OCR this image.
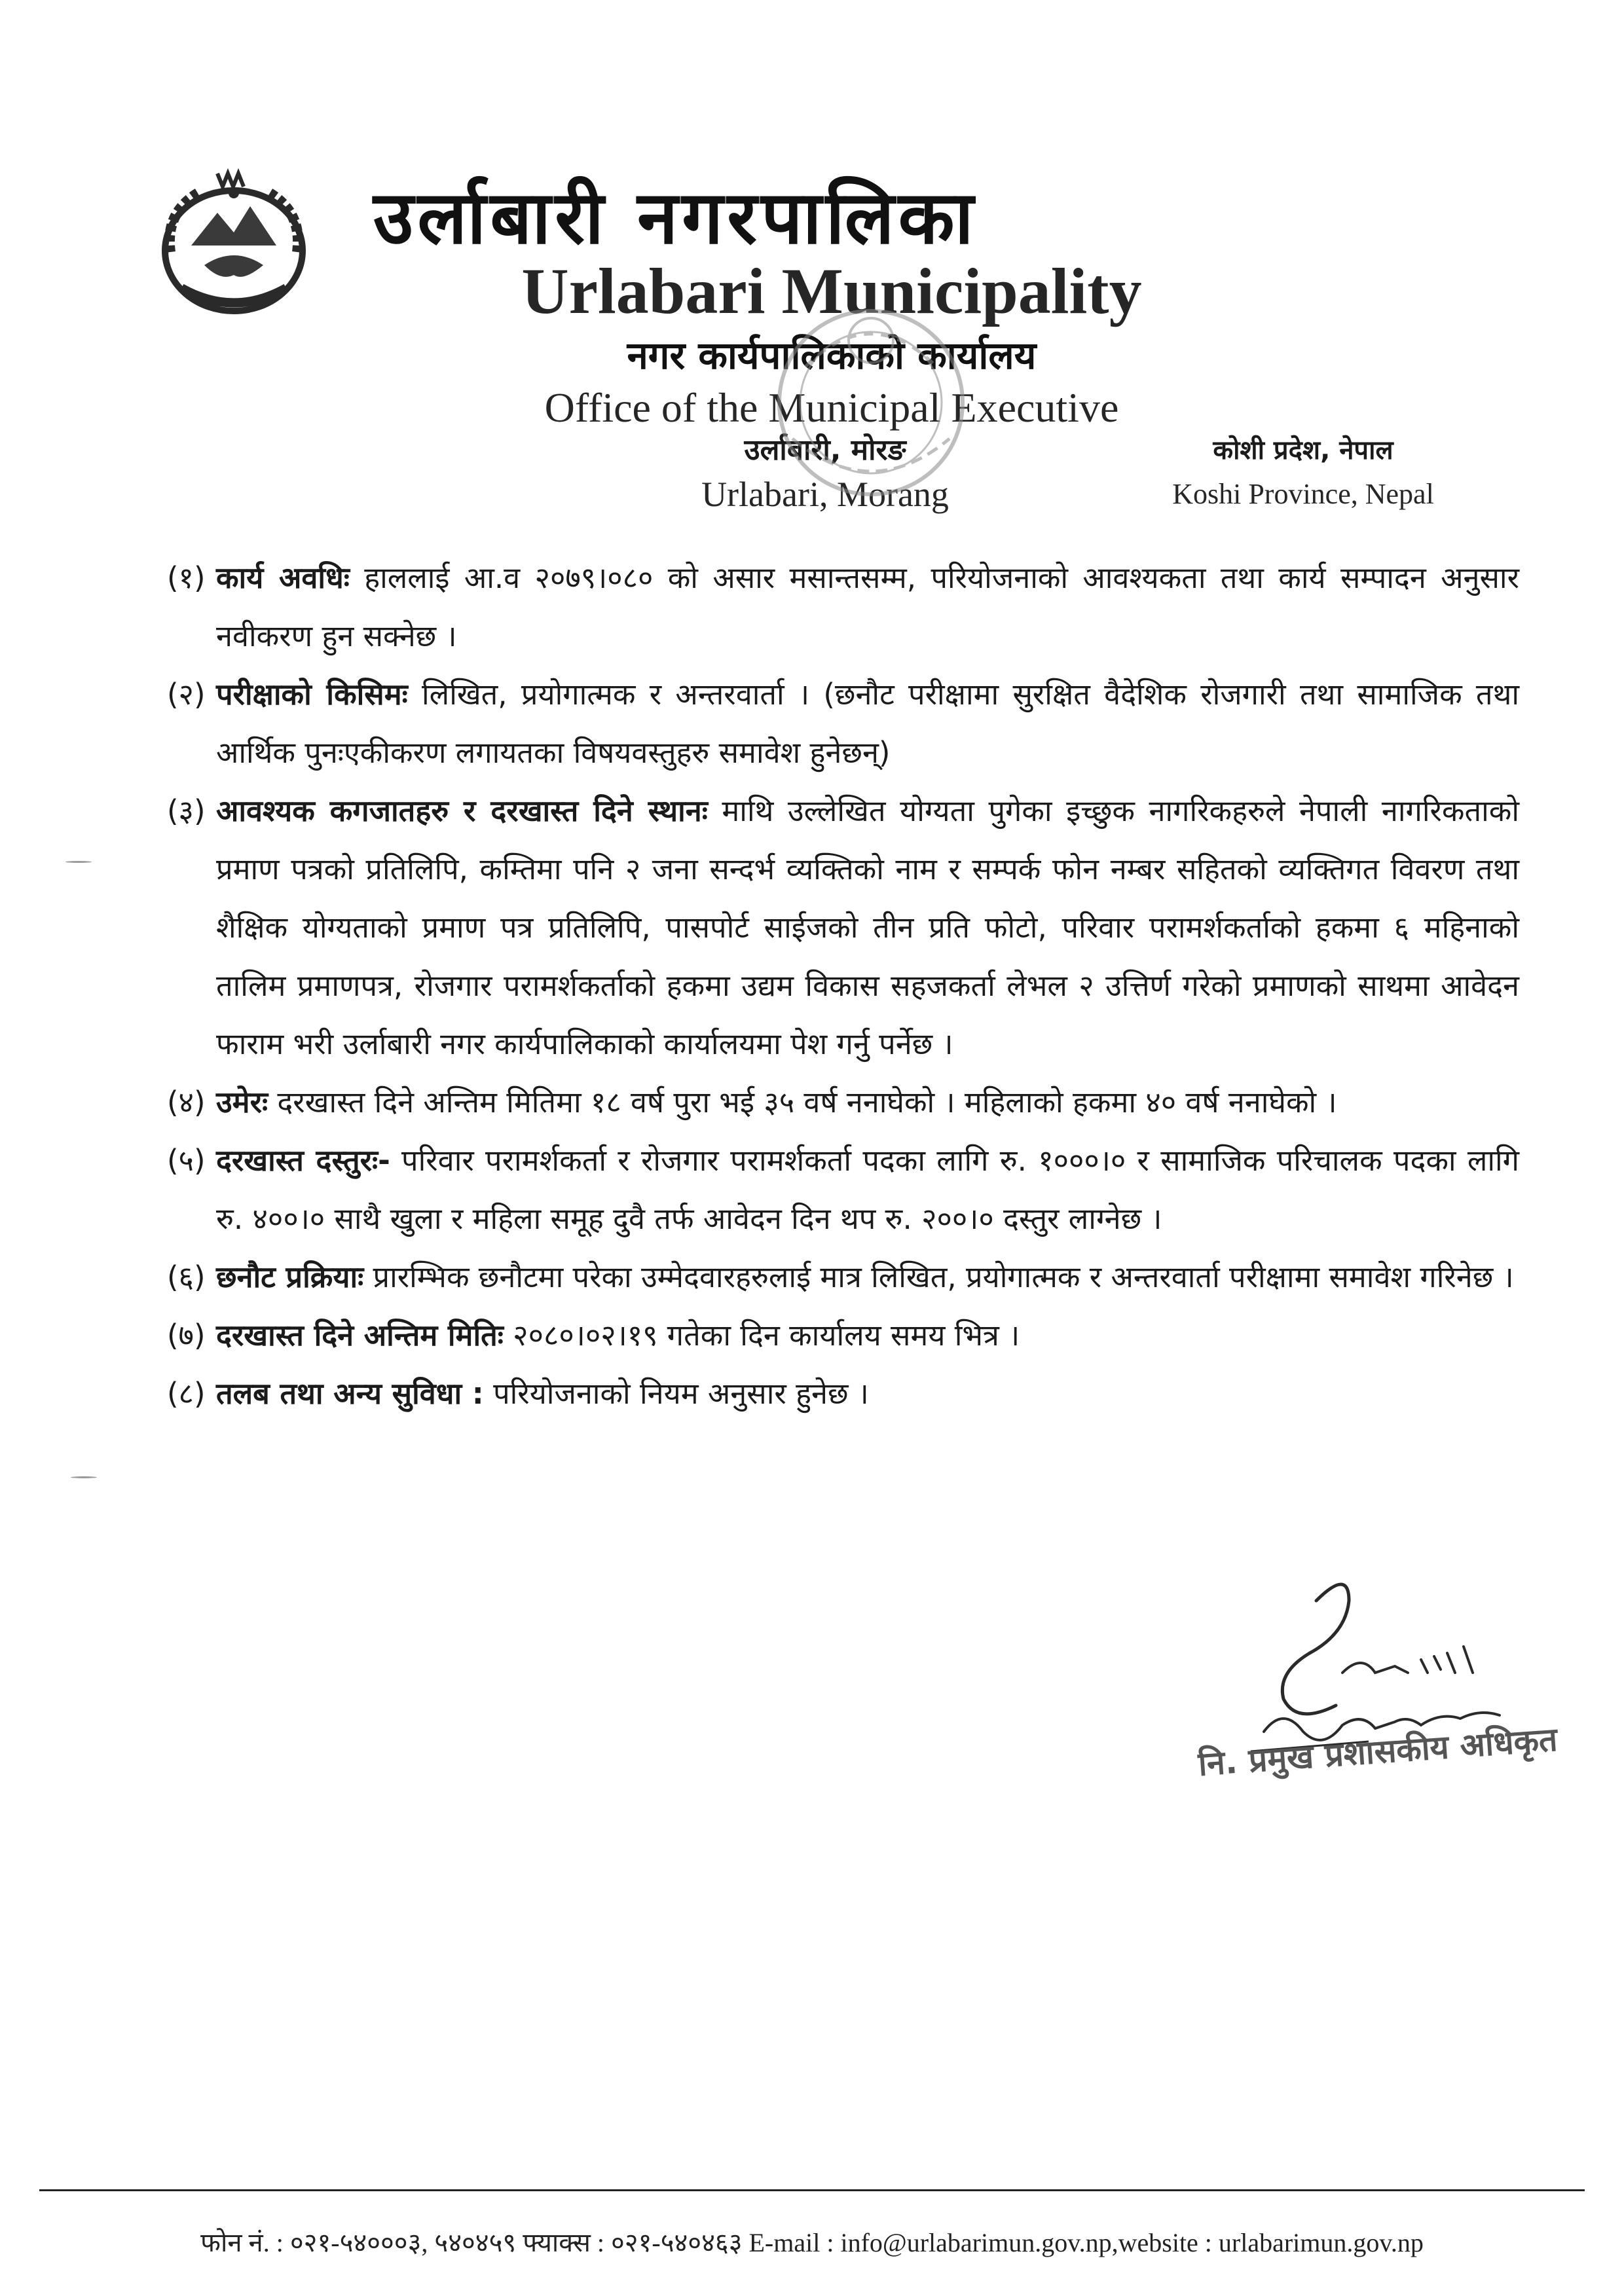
उर्लाबारी नगरपालिका
Urlabari Municipality
नगर कार्यपालिकाको कार्यालय
Office of the Municipal Executive
उर्लाबारी, मोरङ
Urlabari, Morang
कोशी प्रदेश, नेपाल
Koshi Province, Nepal
(१) कार्य अवधिः हाललाई आ.व २०७९।०८० को असार मसान्तसम्म, परियोजनाको आवश्यकता तथा कार्य सम्पादन अनुसार नवीकरण हुन सक्नेछ ।
(२) परीक्षाको किसिमः लिखित, प्रयोगात्मक र अन्तरवार्ता । (छनौट परीक्षामा सुरक्षित वैदेशिक रोजगारी तथा सामाजिक तथा आर्थिक पुनःएकीकरण लगायतका विषयवस्तुहरु समावेश हुनेछन्)
(३) आवश्यक कगजातहरु र दरखास्त दिने स्थानः माथि उल्लेखित योग्यता पुगेका इच्छुक नागरिकहरुले नेपाली नागरिकताको प्रमाण पत्रको प्रतिलिपि, कम्तिमा पनि २ जना सन्दर्भ व्यक्तिको नाम र सम्पर्क फोन नम्बर सहितको व्यक्तिगत विवरण तथा शैक्षिक योग्यताको प्रमाण पत्र प्रतिलिपि, पासपोर्ट साईजको तीन प्रति फोटो, परिवार परामर्शकर्ताको हकमा ६ महिनाको तालिम प्रमाणपत्र, रोजगार परामर्शकर्ताको हकमा उद्यम विकास सहजकर्ता लेभल २ उत्तिर्ण गरेको प्रमाणको साथमा आवेदन फाराम भरी उर्लाबारी नगर कार्यपालिकाको कार्यालयमा पेश गर्नु पर्नेछ ।
(४) उमेरः दरखास्त दिने अन्तिम मितिमा १८ वर्ष पुरा भई ३५ वर्ष ननाघेको । महिलाको हकमा ४० वर्ष ननाघेको ।
(५) दरखास्त दस्तुरः- परिवार परामर्शकर्ता र रोजगार परामर्शकर्ता पदका लागि रु. १०००।० र सामाजिक परिचालक पदका लागि रु. ४००।० साथै खुला र महिला समूह दुवै तर्फ आवेदन दिन थप रु. २००।० दस्तुर लाग्नेछ ।
(६) छनौट प्रक्रियाः प्रारम्भिक छनौटमा परेका उम्मेदवारहरुलाई मात्र लिखित, प्रयोगात्मक र अन्तरवार्ता परीक्षामा समावेश गरिनेछ ।
(७) दरखास्त दिने अन्तिम मितिः २०८०।०२।१९ गतेका दिन कार्यालय समय भित्र ।
(८) तलब तथा अन्य सुविधा : परियोजनाको नियम अनुसार हुनेछ ।
नि. प्रमुख प्रशासकीय अधिकृत
फोन नं. : ०२१-५४०००३, ५४०४५९ फ्याक्स : ०२१-५४०४६३ E-mail : info@urlabarimun.gov.np,website : urlabarimun.gov.np
